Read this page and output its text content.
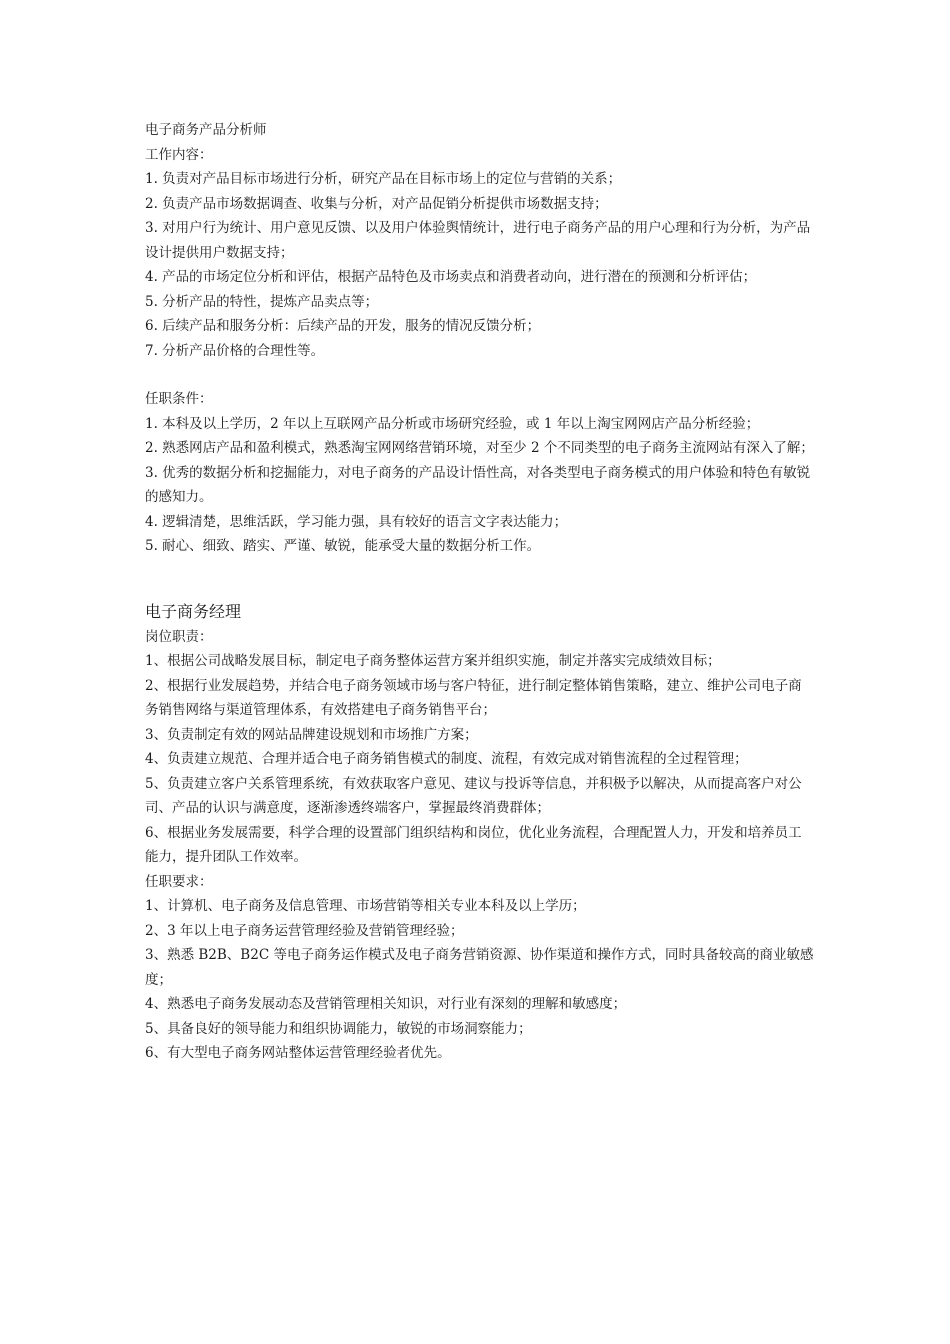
电子商务产品分析师
工作内容：
1. 负责对产品目标市场进行分析，研究产品在目标市场上的定位与营销的关系；
2. 负责产品市场数据调查、收集与分析，对产品促销分析提供市场数据支持；
3. 对用户行为统计、用户意见反馈、以及用户体验舆情统计，进行电子商务产品的用户心理和行为分析，为产品设计提供用户数据支持；
4. 产品的市场定位分析和评估，根据产品特色及市场卖点和消费者动向，进行潜在的预测和分析评估；
5. 分析产品的特性，提炼产品卖点等；
6. 后续产品和服务分析：后续产品的开发，服务的情况反馈分析；
7. 分析产品价格的合理性等。
任职条件：
1. 本科及以上学历，2 年以上互联网产品分析或市场研究经验，或 1 年以上淘宝网网店产品分析经验；
2. 熟悉网店产品和盈利模式，熟悉淘宝网网络营销环境，对至少 2 个不同类型的电子商务主流网站有深入了解；
3. 优秀的数据分析和挖掘能力，对电子商务的产品设计悟性高，对各类型电子商务模式的用户体验和特色有敏锐的感知力。
4. 逻辑清楚，思维活跃，学习能力强，具有较好的语言文字表达能力；
5. 耐心、细致、踏实、严谨、敏锐，能承受大量的数据分析工作。
电子商务经理
岗位职责：
1、根据公司战略发展目标，制定电子商务整体运营方案并组织实施，制定并落实完成绩效目标；
2、根据行业发展趋势，并结合电子商务领域市场与客户特征，进行制定整体销售策略，建立、维护公司电子商务销售网络与渠道管理体系，有效搭建电子商务销售平台；
3、负责制定有效的网站品牌建设规划和市场推广方案；
4、负责建立规范、合理并适合电子商务销售模式的制度、流程，有效完成对销售流程的全过程管理；
5、负责建立客户关系管理系统，有效获取客户意见、建议与投诉等信息，并积极予以解决，从而提高客户对公司、产品的认识与满意度，逐渐渗透终端客户，掌握最终消费群体；
6、根据业务发展需要，科学合理的设置部门组织结构和岗位，优化业务流程，合理配置人力，开发和培养员工能力，提升团队工作效率。
任职要求：
1、计算机、电子商务及信息管理、市场营销等相关专业本科及以上学历；
2、3 年以上电子商务运营管理经验及营销管理经验；
3、熟悉 B2B、B2C 等电子商务运作模式及电子商务营销资源、协作渠道和操作方式，同时具备较高的商业敏感度；
4、熟悉电子商务发展动态及营销管理相关知识，对行业有深刻的理解和敏感度；
5、具备良好的领导能力和组织协调能力，敏锐的市场洞察能力；
6、有大型电子商务网站整体运营管理经验者优先。
